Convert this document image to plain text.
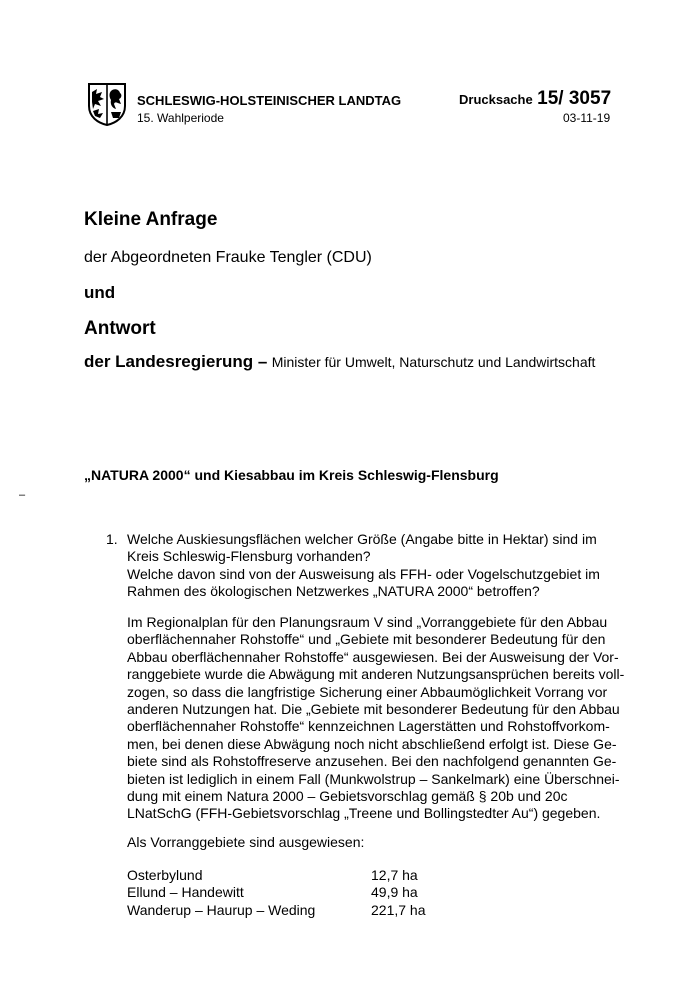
SCHLESWIG-HOLSTEINISCHER LANDTAG
15. Wahlperiode
Drucksache 15/ 3057
03-11-19
Kleine Anfrage
der Abgeordneten Frauke Tengler (CDU)
und
Antwort
der Landesregierung – Minister für Umwelt, Naturschutz und Landwirtschaft
„NATURA 2000“ und Kiesabbau im Kreis Schleswig-Flensburg
–
1. Welche Auskiesungsflächen welcher Größe (Angabe bitte in Hektar) sind im
Kreis Schleswig-Flensburg vorhanden?
Welche davon sind von der Ausweisung als FFH- oder Vogelschutzgebiet im
Rahmen des ökologischen Netzwerkes „NATURA 2000“ betroffen?
Im Regionalplan für den Planungsraum V sind „Vorranggebiete für den Abbau
oberflächennaher Rohstoffe“ und „Gebiete mit besonderer Bedeutung für den
Abbau oberflächennaher Rohstoffe“ ausgewiesen. Bei der Ausweisung der Vor-
ranggebiete wurde die Abwägung mit anderen Nutzungsansprüchen bereits voll-
zogen, so dass die langfristige Sicherung einer Abbaumöglichkeit Vorrang vor
anderen Nutzungen hat. Die „Gebiete mit besonderer Bedeutung für den Abbau
oberflächennaher Rohstoffe“ kennzeichnen Lagerstätten und Rohstoffvorkom-
men, bei denen diese Abwägung noch nicht abschließend erfolgt ist. Diese Ge-
biete sind als Rohstoffreserve anzusehen. Bei den nachfolgend genannten Ge-
bieten ist lediglich in einem Fall (Munkwolstrup – Sankelmark) eine Überschnei-
dung mit einem Natura 2000 – Gebietsvorschlag gemäß § 20b und 20c
LNatSchG (FFH-Gebietsvorschlag „Treene und Bollingstedter Au“) gegeben.
Als Vorranggebiete sind ausgewiesen:
Osterbylund	12,7 ha
Ellund – Handewitt	49,9 ha
Wanderup – Haurup – Weding	221,7 ha
